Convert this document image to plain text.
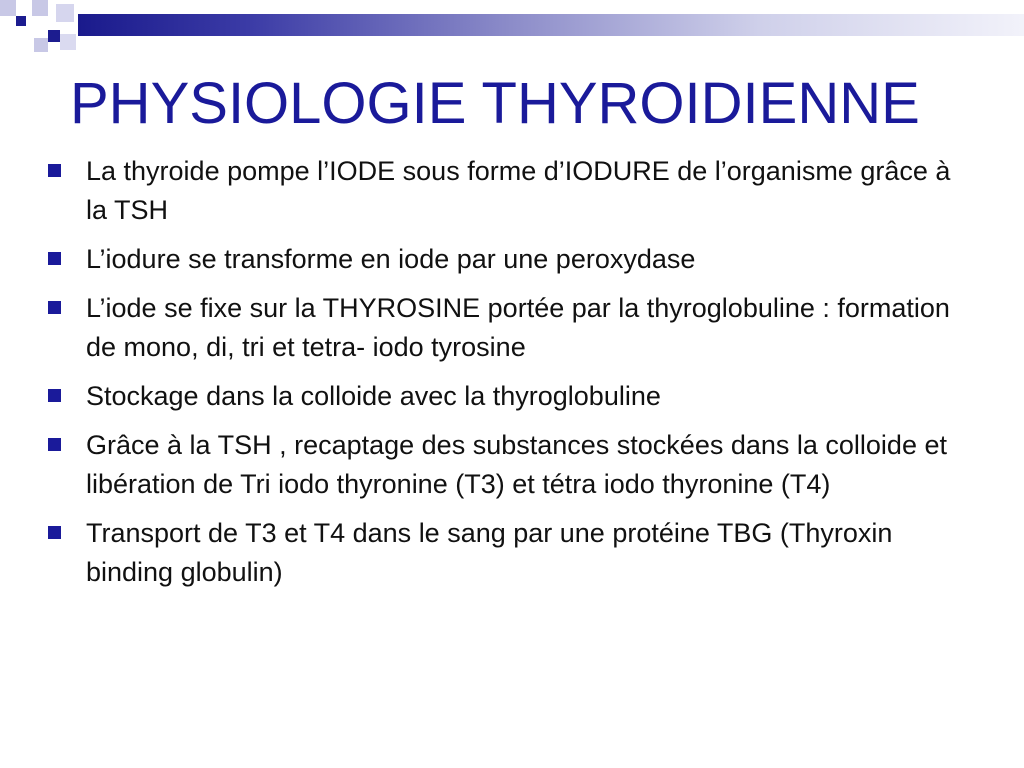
PHYSIOLOGIE THYROIDIENNE
La thyroide pompe l’IODE sous forme d’IODURE de l’organisme grâce à la TSH
L’iodure se transforme en iode par une peroxydase
L’iode se fixe sur la THYROSINE portée par la thyroglobuline : formation de mono, di, tri et tetra- iodo tyrosine
Stockage dans la colloide avec la thyroglobuline
Grâce à la TSH , recaptage des substances stockées dans la colloide et libération de Tri iodo thyronine (T3) et tétra iodo thyronine (T4)
Transport de T3 et T4 dans le sang par une protéine TBG (Thyroxin binding globulin)
